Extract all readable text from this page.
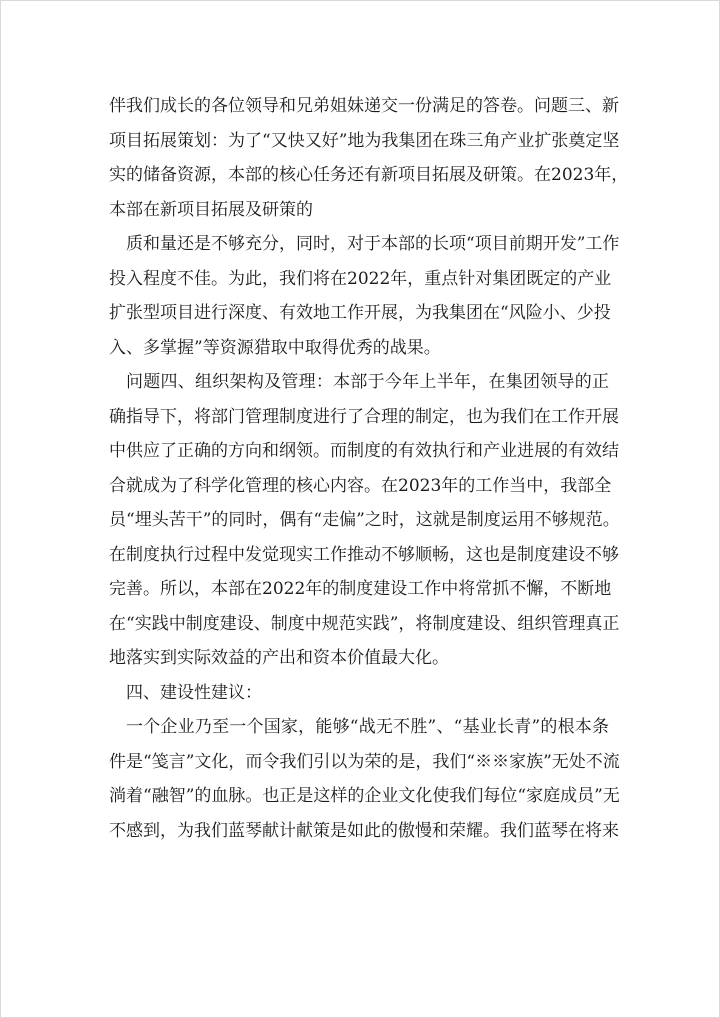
伴我们成长的各位领导和兄弟姐妹递交一份满足的答卷。问题三、新
项目拓展策划：为了“又快又好”地为我集团在珠三角产业扩张奠定坚
实的储备资源，本部的核心任务还有新项目拓展及研策。在2023年，
本部在新项目拓展及研策的
质和量还是不够充分，同时，对于本部的长项“项目前期开发”工作
投入程度不佳。为此，我们将在2022年，重点针对集团既定的产业
扩张型项目进行深度、有效地工作开展，为我集团在“风险小、少投
入、多掌握”等资源猎取中取得优秀的战果。
问题四、组织架构及管理：本部于今年上半年，在集团领导的正
确指导下，将部门管理制度进行了合理的制定，也为我们在工作开展
中供应了正确的方向和纲领。而制度的有效执行和产业进展的有效结
合就成为了科学化管理的核心内容。在2023年的工作当中，我部全
员“埋头苦干”的同时，偶有“走偏”之时，这就是制度运用不够规范。
在制度执行过程中发觉现实工作推动不够顺畅，这也是制度建设不够
完善。所以，本部在2022年的制度建设工作中将常抓不懈，不断地
在“实践中制度建设、制度中规范实践”，将制度建设、组织管理真正
地落实到实际效益的产出和资本价值最大化。
四、建设性建议：
一个企业乃至一个国家，能够“战无不胜”、“基业长青”的根本条
件是“笺言”文化，而令我们引以为荣的是，我们“※※家族”无处不流
淌着“融智”的血脉。也正是这样的企业文化使我们每位“家庭成员”无
不感到，为我们蓝琴献计献策是如此的傲慢和荣耀。我们蓝琴在将来
